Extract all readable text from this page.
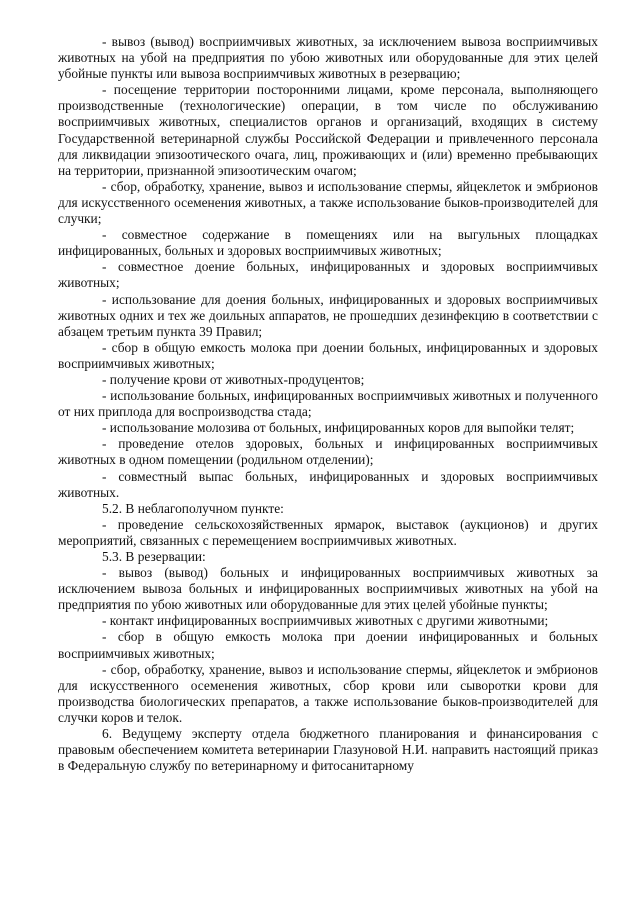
- вывоз (вывод) восприимчивых животных, за исключением вывоза восприимчивых животных на убой на предприятия по убою животных или оборудованные для этих целей убойные пункты или вывоза восприимчивых животных в резервацию;

- посещение территории посторонними лицами, кроме персонала, выполняющего производственные (технологические) операции, в том числе по обслуживанию восприимчивых животных, специалистов органов и организаций, входящих в систему Государственной ветеринарной службы Российской Федерации и привлеченного персонала для ликвидации эпизоотического очага, лиц, проживающих и (или) временно пребывающих на территории, признанной эпизоотическим очагом;

- сбор, обработку, хранение, вывоз и использование спермы, яйцеклеток и эмбрионов для искусственного осеменения животных, а также использование быков-производителей для случки;

- совместное содержание в помещениях или на выгульных площадках инфицированных, больных и здоровых восприимчивых животных;

- совместное доение больных, инфицированных и здоровых восприимчивых животных;

- использование для доения больных, инфицированных и здоровых восприимчивых животных одних и тех же доильных аппаратов, не прошедших дезинфекцию в соответствии с абзацем третьим пункта 39 Правил;

- сбор в общую емкость молока при доении больных, инфицированных и здоровых восприимчивых животных;

- получение крови от животных-продуцентов;

- использование больных, инфицированных восприимчивых животных и полученного от них приплода для воспроизводства стада;

- использование молозива от больных, инфицированных коров для выпойки телят;

- проведение отелов здоровых, больных и инфицированных восприимчивых животных в одном помещении (родильном отделении);

- совместный выпас больных, инфицированных и здоровых восприимчивых животных.

5.2. В неблагополучном пункте:

- проведение сельскохозяйственных ярмарок, выставок (аукционов) и других мероприятий, связанных с перемещением восприимчивых животных.

5.3. В резервации:

- вывоз (вывод) больных и инфицированных восприимчивых животных за исключением вывоза больных и инфицированных восприимчивых животных на убой на предприятия по убою животных или оборудованные для этих целей убойные пункты;

- контакт инфицированных восприимчивых животных с другими животными;

- сбор в общую емкость молока при доении инфицированных и больных восприимчивых животных;

- сбор, обработку, хранение, вывоз и использование спермы, яйцеклеток и эмбрионов для искусственного осеменения животных, сбор крови или сыворотки крови для производства биологических препаратов, а также использование быков-производителей для случки коров и телок.

6. Ведущему эксперту отдела бюджетного планирования и финансирования с правовым обеспечением комитета ветеринарии Глазуновой Н.И. направить настоящий приказ в Федеральную службу по ветеринарному и фитосанитарному
